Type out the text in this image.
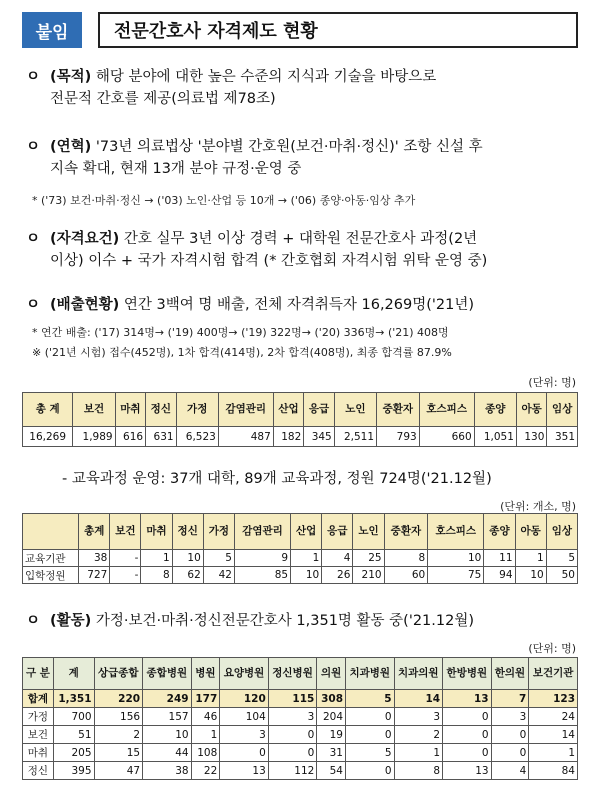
붙임	전문간호사 자격제도 현황
ㅇ (목적) 해당 분야에 대한 높은 수준의 지식과 기술을 바탕으로
전문적 간호를 제공(의료법 제78조)
ㅇ (연혁) '73년 의료법상 '분야별 간호원(보건·마취·정신)' 조항 신설 후
지속 확대, 현재 13개 분야 규정·운영 중
* ('73) 보건·마취·정신 → ('03) 노인·산업 등 10개 → ('06) 종양·아동·임상 추가
ㅇ (자격요건) 간호 실무 3년 이상 경력 + 대학원 전문간호사 과정(2년
이상) 이수 + 국가 자격시험 합격 (* 간호협회 자격시험 위탁 운영 중)
ㅇ (배출현황) 연간 3백여 명 배출, 전체 자격취득자 16,269명('21년)
* 연간 배출: ('17) 314명→ ('19) 400명→ ('19) 322명→ ('20) 336명→ ('21) 408명
※ ('21년 시험) 접수(452명), 1차 합격(414명), 2차 합격(408명), 최종 합격률 87.9%
(단위: 명)
총 계	보건	마취	정신	가정	감염관리	산업	응급	노인	중환자	호스피스	종양	아동	임상
16,269	1,989	616	631	6,523	487	182	345	2,511	793	660	1,051	130	351
- 교육과정 운영: 37개 대학, 89개 교육과정, 정원 724명('21.12월)
(단위: 개소, 명)
	총계	보건	마취	정신	가정	감염관리	산업	응급	노인	중환자	호스피스	종양	아동	임상
교육기관	38	-	1	10	5	9	1	4	25	8	10	11	1	5
입학정원	727	-	8	62	42	85	10	26	210	60	75	94	10	50
ㅇ (활동) 가정·보건·마취·정신전문간호사 1,351명 활동 중('21.12월)
(단위: 명)
구 분	계	상급종합	종합병원	병원	요양병원	정신병원	의원	치과병원	치과의원	한방병원	한의원	보건기관
합계	1,351	220	249	177	120	115	308	5	14	13	7	123
가정	700	156	157	46	104	3	204	0	3	0	3	24
보건	51	2	10	1	3	0	19	0	2	0	0	14
마취	205	15	44	108	0	0	31	5	1	0	0	1
정신	395	47	38	22	13	112	54	0	8	13	4	84
